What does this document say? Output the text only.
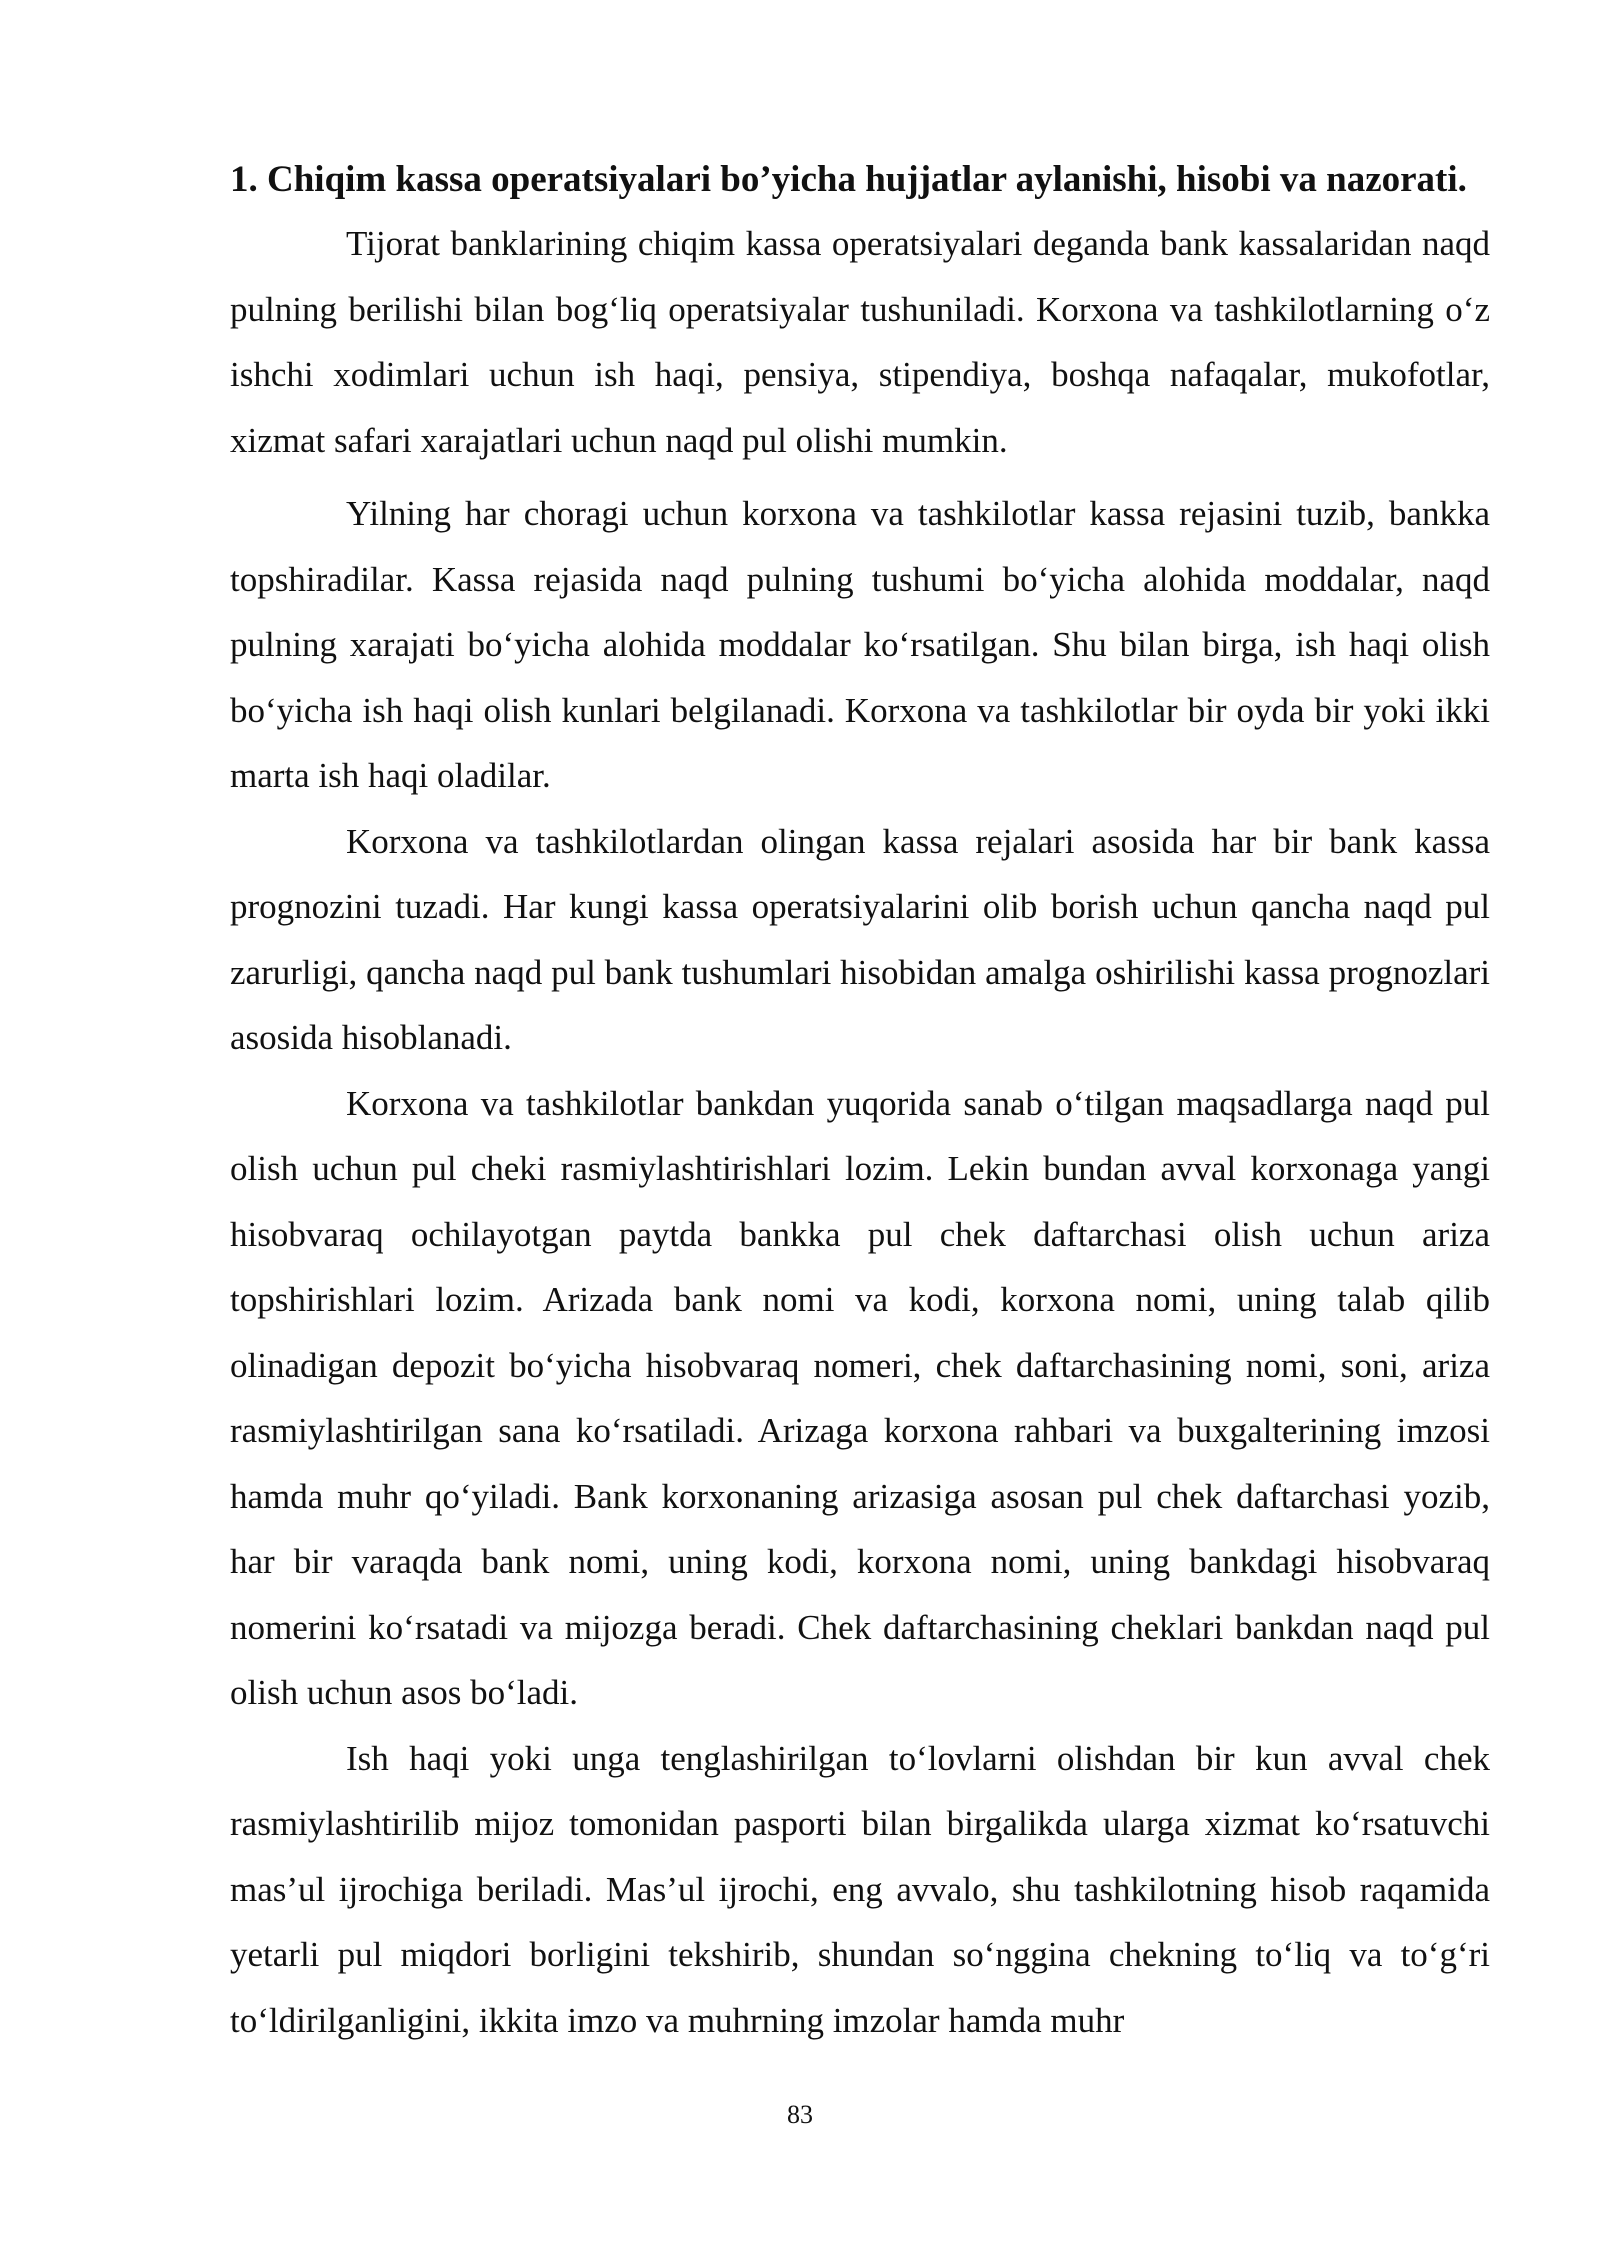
1. Chiqim kassa operatsiyalari bo’yicha hujjatlar aylanishi, hisobi va nazorati.

Tijorat banklarining chiqim kassa operatsiyalari deganda bank kassalaridan naqd pulning berilishi bilan bog‘liq operatsiyalar tushuniladi. Korxona va tashkilotlarning o‘z ishchi xodimlari uchun ish haqi, pensiya, stipendiya, boshqa nafaqalar, mukofotlar, xizmat safari xarajatlari uchun naqd pul olishi mumkin.

Yilning har choragi uchun korxona va tashkilotlar kassa rejasini tuzib, bankka topshiradilar. Kassa rejasida naqd pulning tushumi bo‘yicha alohida moddalar, naqd pulning xarajati bo‘yicha alohida moddalar ko‘rsatilgan. Shu bilan birga, ish haqi olish bo‘yicha ish haqi olish kunlari belgilanadi. Korxona va tashkilotlar bir oyda bir yoki ikki marta ish haqi oladilar.

Korxona va tashkilotlardan olingan kassa rejalari asosida har bir bank kassa prognozini tuzadi. Har kungi kassa operatsiyalarini olib borish uchun qancha naqd pul zarurligi, qancha naqd pul bank tushumlari hisobidan amalga oshirilishi kassa prognozlari asosida hisoblanadi.

Korxona va tashkilotlar bankdan yuqorida sanab o‘tilgan maqsadlarga naqd pul olish uchun pul cheki rasmiylashtirishlari lozim. Lekin bundan avval korxonaga yangi hisobvaraq ochilayotgan paytda bankka pul chek daftarchasi olish uchun ariza topshirishlari lozim. Arizada bank nomi va kodi, korxona nomi, uning talab qilib olinadigan depozit bo‘yicha hisobvaraq nomeri, chek daftarchasining nomi, soni, ariza rasmiylashtirilgan sana ko‘rsatiladi. Arizaga korxona rahbari va buxgalterining imzosi hamda muhr qo‘yiladi. Bank korxonaning arizasiga asosan pul chek daftarchasi yozib, har bir varaqda bank nomi, uning kodi, korxona nomi, uning bankdagi hisobvaraq nomerini ko‘rsatadi va mijozga beradi. Chek daftarchasining cheklari bankdan naqd pul olish uchun asos bo‘ladi.

Ish haqi yoki unga tenglashirilgan to‘lovlarni olishdan bir kun avval chek rasmiylashtirilib mijoz tomonidan pasporti bilan birgalikda ularga xizmat ko‘rsatuvchi mas’ul ijrochiga beriladi. Mas’ul ijrochi, eng avvalo, shu tashkilotning hisob raqamida yetarli pul miqdori borligini tekshirib, shundan so‘nggina chekning to‘liq va to‘g‘ri to‘ldirilganligini, ikkita imzo va muhrning imzolar hamda muhr

83
